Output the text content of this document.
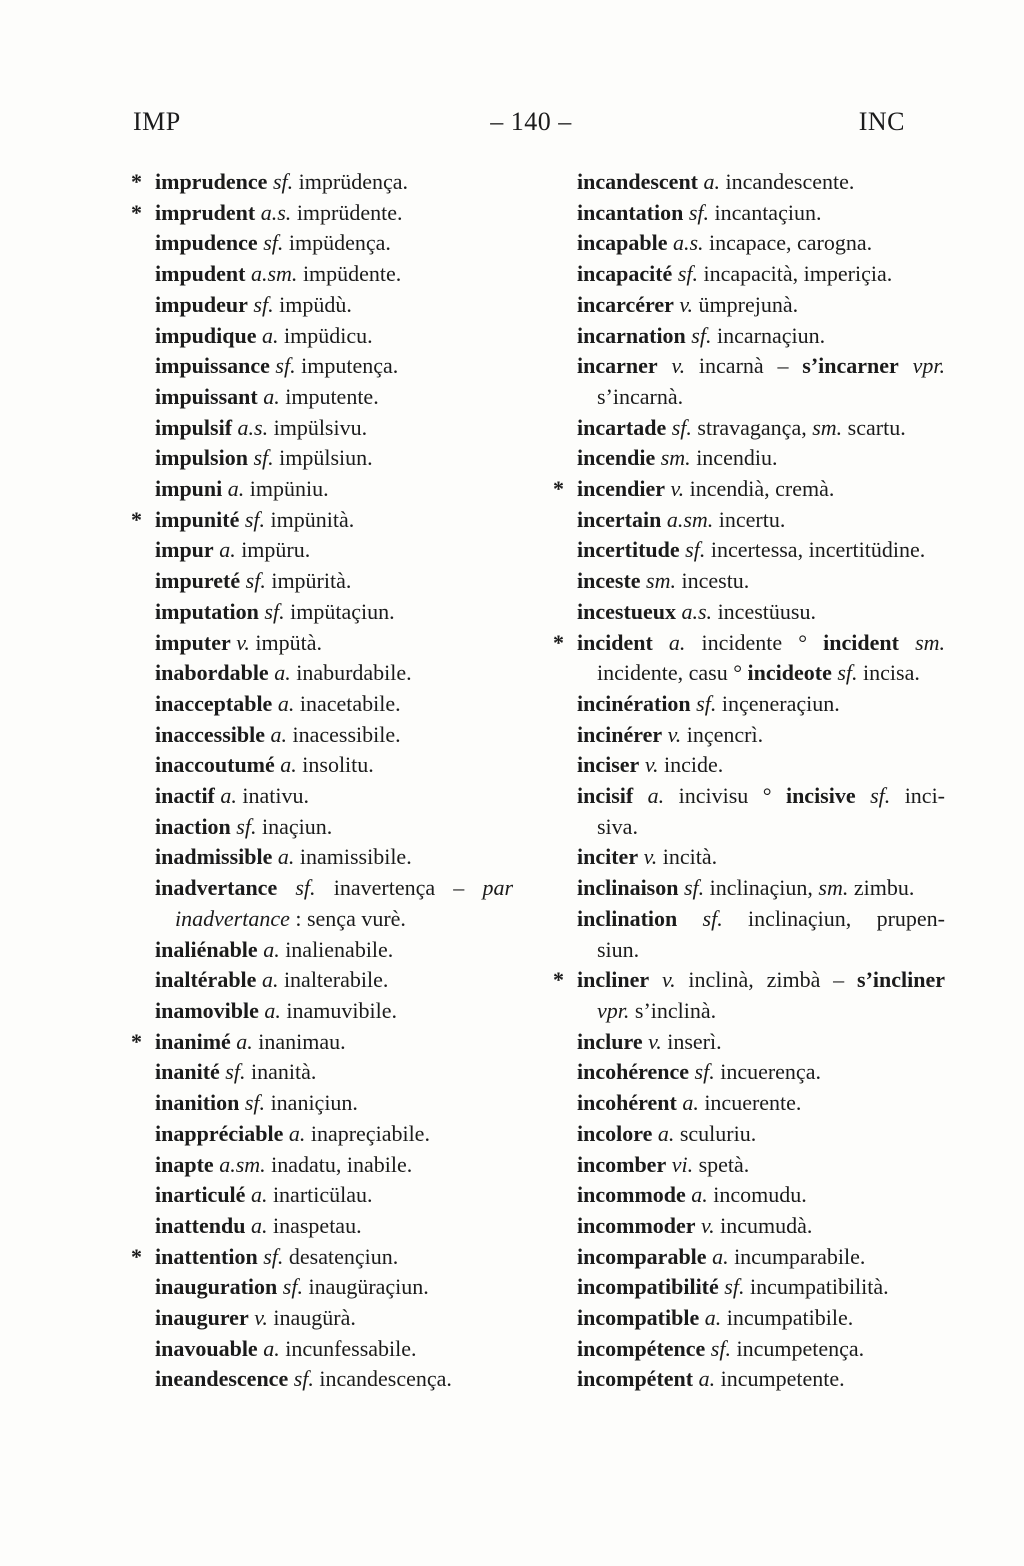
IMP	– 140 –	INC
* imprudence sf. imprüdença.
* imprudent a.s. imprüdente.
impudence sf. impüdença.
impudent a.sm. impüdente.
impudeur sf. impüdù.
impudique a. impüdicu.
impuissance sf. imputença.
impuissant a. imputente.
impulsif a.s. impülsivu.
impulsion sf. impülsiun.
impuni a. impüniu.
* impunité sf. impünità.
impur a. impüru.
impureté sf. impürità.
imputation sf. impütaçiun.
imputer v. impütà.
inabordable a. inaburdabile.
inacceptable a. inacetabile.
inaccessible a. inacessibile.
inaccoutumé a. insolitu.
inactif a. inativu.
inaction sf. inaçiun.
inadmissible a. inamissibile.
inadvertance sf. inavertença – par
inadvertance : sença vurè.
inaliénable a. inalienabile.
inaltérable a. inalterabile.
inamovible a. inamuvibile.
* inanimé a. inanimau.
inanité sf. inanità.
inanition sf. inaniçiun.
inappréciable a. inapreçiabile.
inapte a.sm. inadatu, inabile.
inarticulé a. inarticülau.
inattendu a. inaspetau.
* inattention sf. desatençiun.
inauguration sf. inaugüraçiun.
inaugurer v. inaugürà.
inavouable a. incunfessabile.
ineandescence sf. incandescença.
incandescent a. incandescente.
incantation sf. incantaçiun.
incapable a.s. incapace, carogna.
incapacité sf. incapacità, imperiçia.
incarcérer v. ümprejunà.
incarnation sf. incarnaçiun.
incarner v. incarnà – s’incarner vpr.
s’incarnà.
incartade sf. stravagança, sm. scartu.
incendie sm. incendiu.
* incendier v. incendià, cremà.
incertain a.sm. incertu.
incertitude sf. incertessa, incertitüdine.
inceste sm. incestu.
incestueux a.s. incestüusu.
* incident a. incidente ° incident sm.
incidente, casu ° incideote sf. incisa.
incinération sf. inçeneraçiun.
incinérer v. inçencrì.
inciser v. incide.
incisif a. incivisu ° incisive sf. inci-
siva.
inciter v. incità.
inclinaison sf. inclinaçiun, sm. zimbu.
inclination sf. inclinaçiun, prupen-
siun.
* incliner v. inclinà, zimbà – s’incliner
vpr. s’inclinà.
inclure v. inserì.
incohérence sf. incuerença.
incohérent a. incuerente.
incolore a. sculuriu.
incomber vi. spetà.
incommode a. incomudu.
incommoder v. incumudà.
incomparable a. incumparabile.
incompatibilité sf. incumpatibilità.
incompatible a. incumpatibile.
incompétence sf. incumpetença.
incompétent a. incumpetente.
